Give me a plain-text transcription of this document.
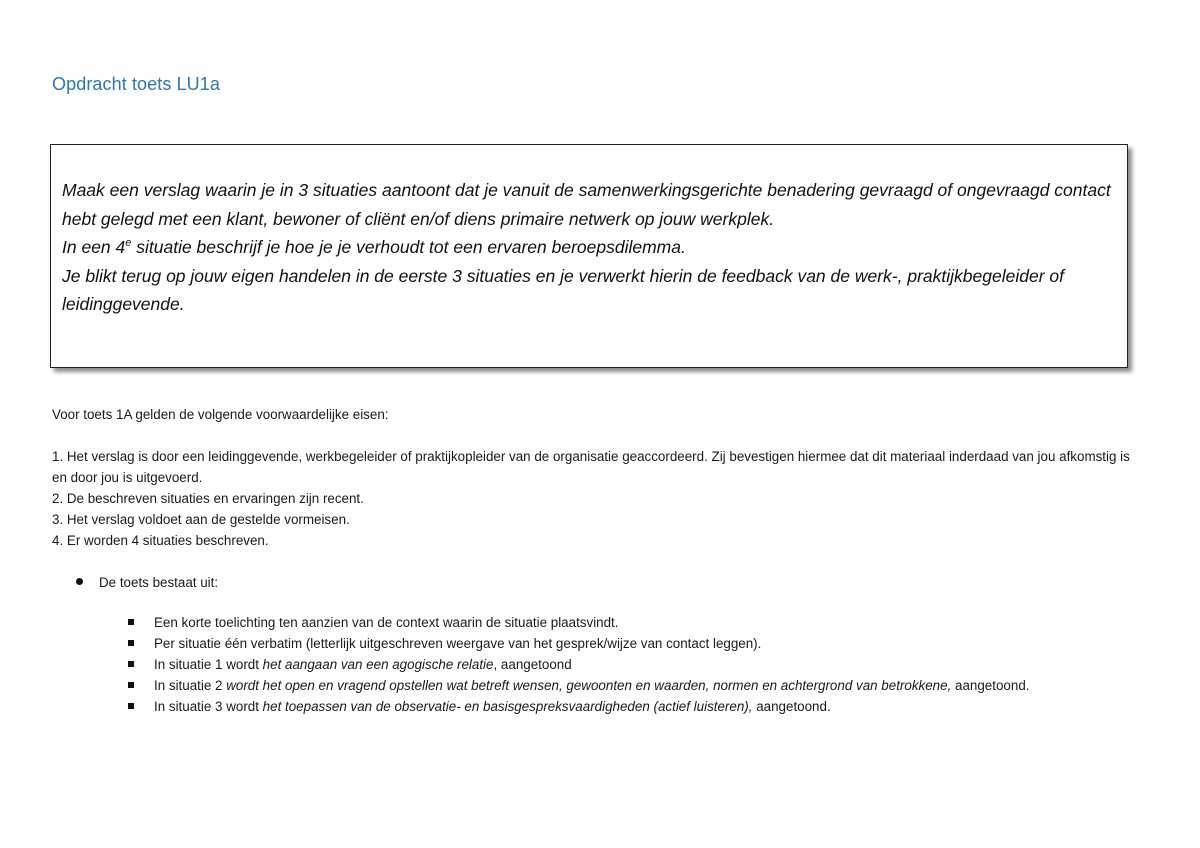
Opdracht toets LU1a

Maak een verslag waarin je in 3 situaties aantoont dat je vanuit de samenwerkingsgerichte benadering gevraagd of ongevraagd contact hebt gelegd met een klant, bewoner of cliënt en/of diens primaire netwerk op jouw werkplek.

In een 4e situatie beschrijf je hoe je je verhoudt tot een ervaren beroepsdilemma.

Je blikt terug op jouw eigen handelen in de eerste 3 situaties en je verwerkt hierin de feedback van de werk-, praktijkbegeleider of leidinggevende.

Voor toets 1A gelden de volgende voorwaardelijke eisen:

1. Het verslag is door een leidinggevende, werkbegeleider of praktijkopleider van de organisatie geaccordeerd. Zij bevestigen hiermee dat dit materiaal inderdaad van jou afkomstig is en door jou is uitgevoerd.

2. De beschreven situaties en ervaringen zijn recent.

3. Het verslag voldoet aan de gestelde vormeisen.

4. Er worden 4 situaties beschreven.

De toets bestaat uit:
Een korte toelichting ten aanzien van de context waarin de situatie plaatsvindt.
Per situatie één verbatim (letterlijk uitgeschreven weergave van het gesprek/wijze van contact leggen).
In situatie 1 wordt het aangaan van een agogische relatie, aangetoond
In situatie 2 wordt het open en vragend opstellen wat betreft wensen, gewoonten en waarden, normen en achtergrond van betrokkene, aangetoond.
In situatie 3 wordt het toepassen van de observatie- en basisgespreksvaardigheden (actief luisteren), aangetoond.
